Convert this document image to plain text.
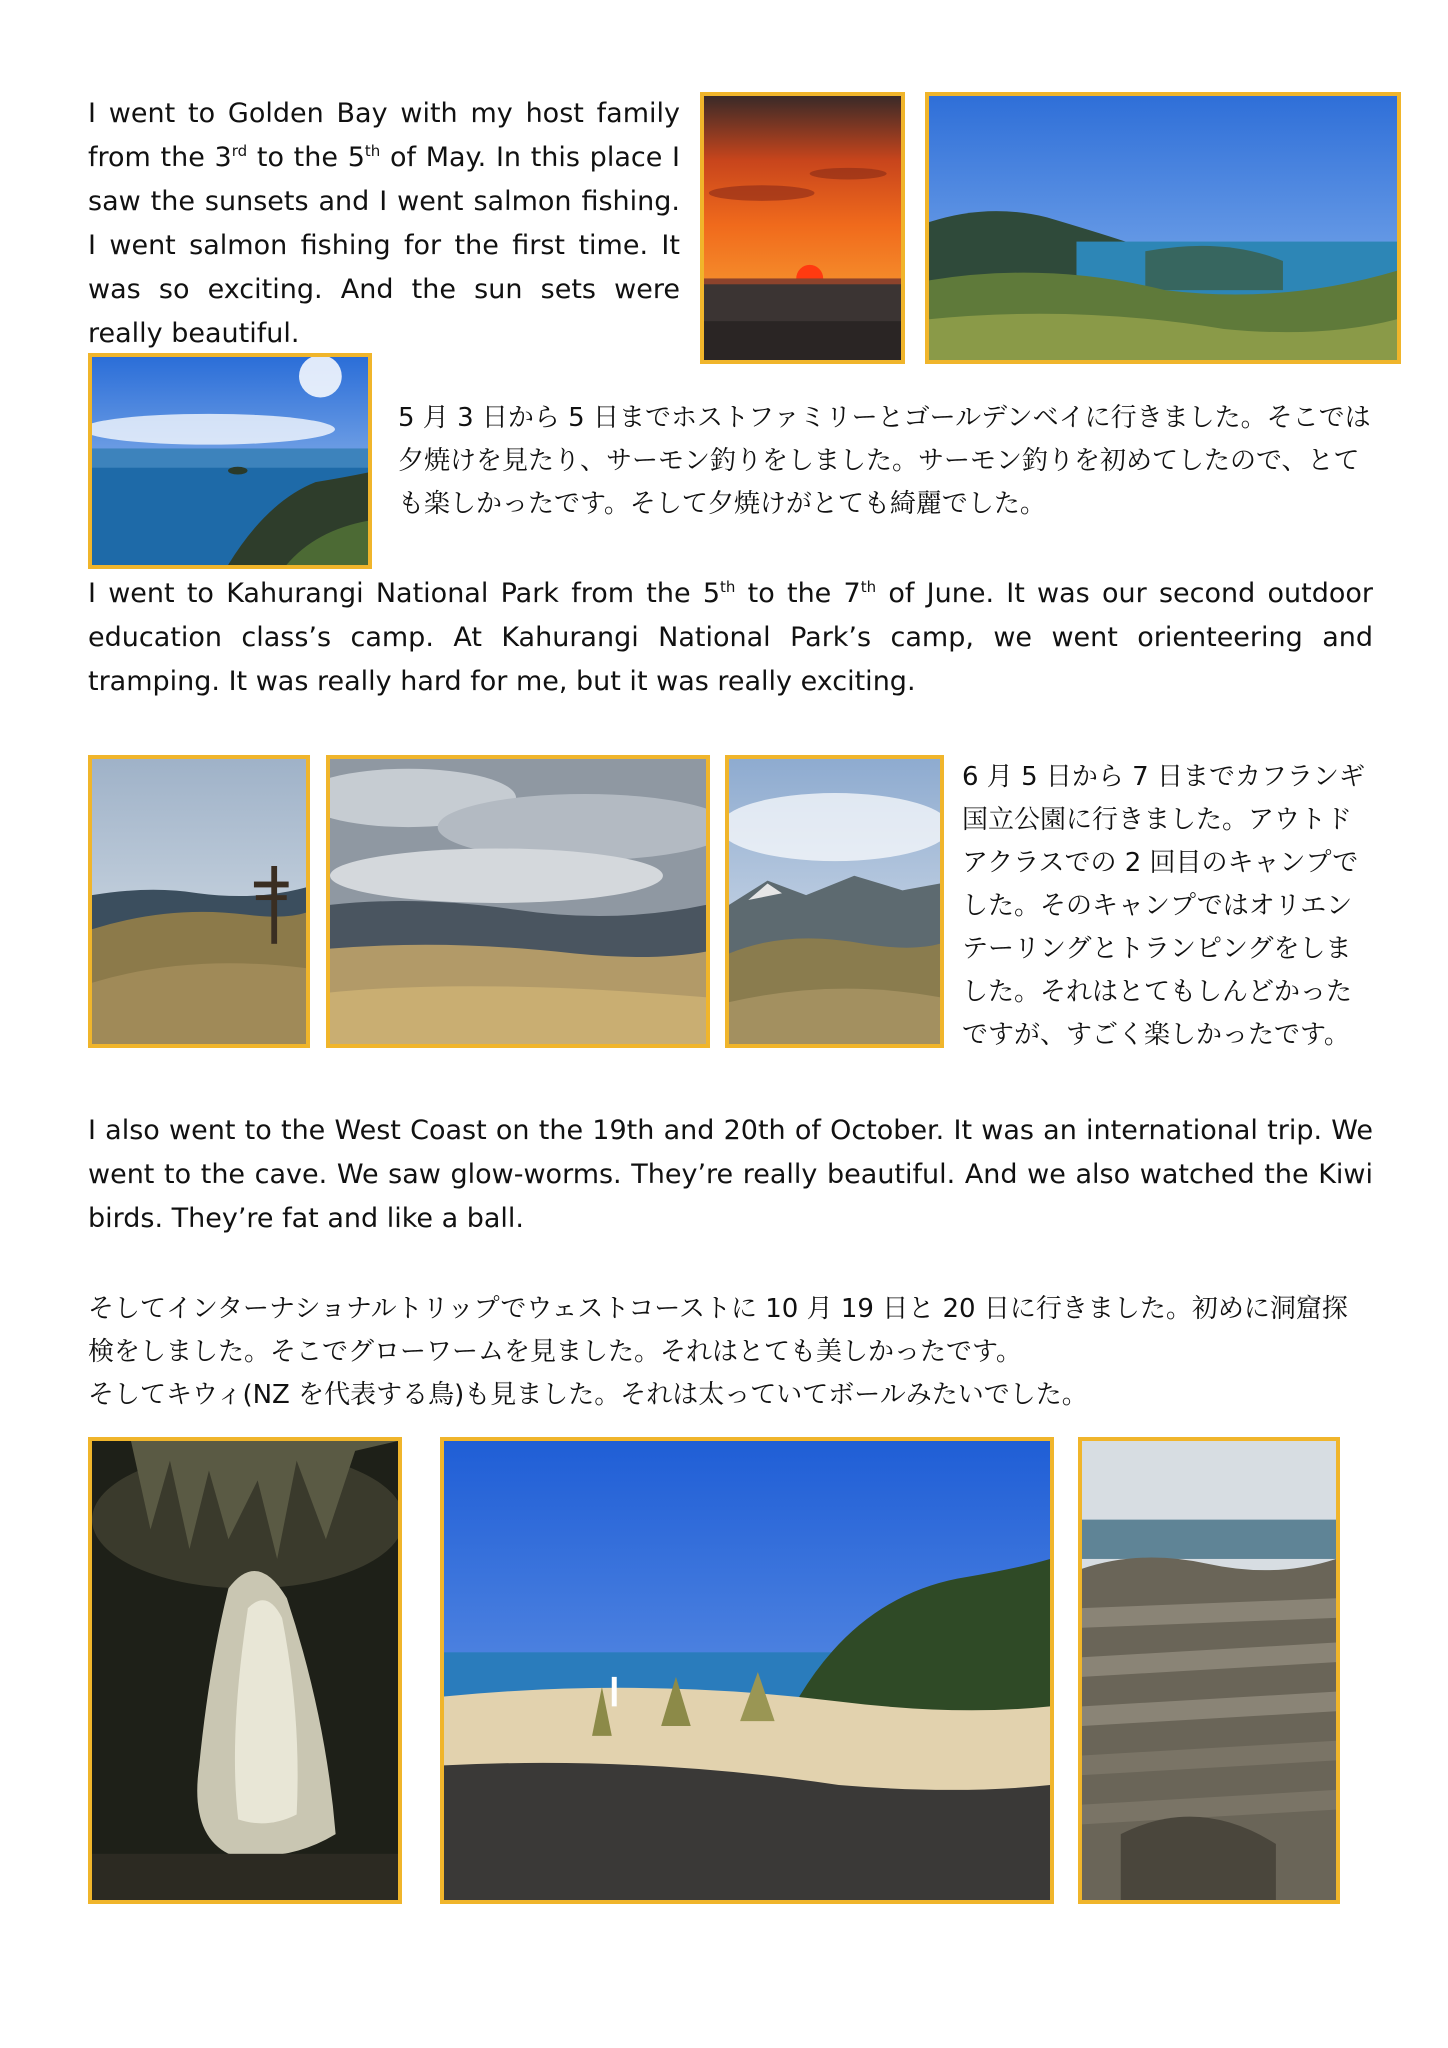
I went to Golden Bay with my host family from the 3rd to the 5th of May. In this place I saw the sunsets and I went salmon fishing. I went salmon fishing for the first time. It was so exciting. And the sun sets were really beautiful.
5 月 3 日から 5 日までホストファミリーとゴールデンベイに行きました。そこでは夕焼けを見たり、サーモン釣りをしました。サーモン釣りを初めてしたので、とても楽しかったです。そして夕焼けがとても綺麗でした。
I went to Kahurangi National Park from the 5th to the 7th of June. It was our second outdoor education class’s camp. At Kahurangi National Park’s camp, we went orienteering and tramping. It was really hard for me, but it was really exciting.
6 月 5 日から 7 日までカフランギ国立公園に行きました。アウトドアクラスでの 2 回目のキャンプでした。そのキャンプではオリエンテーリングとトランピングをしました。それはとてもしんどかったですが、すごく楽しかったです。
I also went to the West Coast on the 19th and 20th of October. It was an international trip. We went to the cave. We saw glow-worms. They’re really beautiful. And we also watched the Kiwi birds. They’re fat and like a ball.
そしてインターナショナルトリップでウェストコーストに 10 月 19 日と 20 日に行きました。初めに洞窟探検をしました。そこでグローワームを見ました。それはとても美しかったです。
そしてキウィ(NZ を代表する鳥)も見ました。それは太っていてボールみたいでした。
